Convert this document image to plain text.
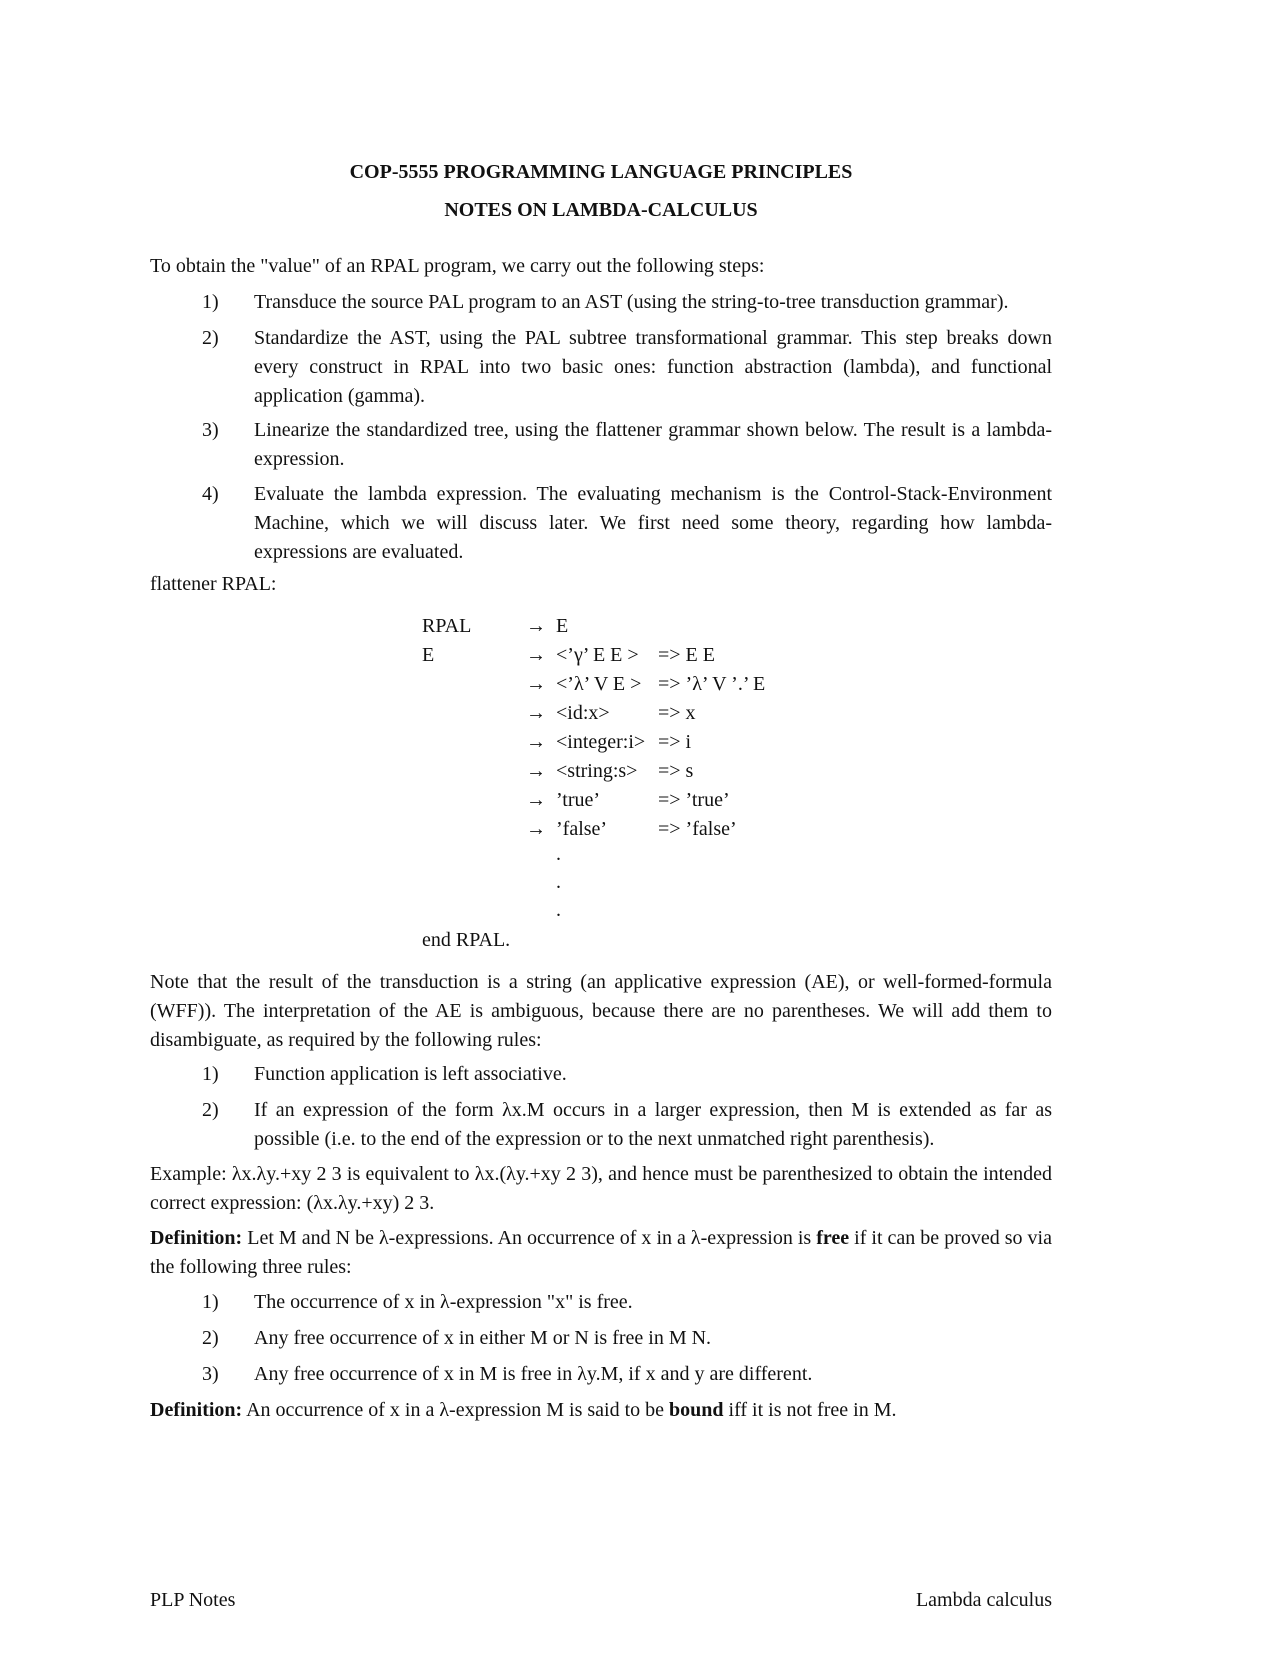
COP-5555 PROGRAMMING LANGUAGE PRINCIPLES
NOTES ON LAMBDA-CALCULUS
To obtain the "value" of an RPAL program, we carry out the following steps:
1)	Transduce the source PAL program to an AST (using the string-to-tree transduction grammar).
2)	Standardize the AST, using the PAL subtree transformational grammar. This step breaks down every construct in RPAL into two basic ones: function abstraction (lambda), and functional application (gamma).
3)	Linearize the standardized tree, using the flattener grammar shown below. The result is a lambda-expression.
4)	Evaluate the lambda expression. The evaluating mechanism is the Control-Stack-Environment Machine, which we will discuss later. We first need some theory, regarding how lambda-expressions are evaluated.
flattener RPAL:
RPAL	→ E
E	→ <’γ’ E E > => E E
→ <’λ’ V E > => ’λ’ V ’.’ E
→ <id:x> => x
→ <integer:i> => i
→ <string:s> => s
→ ’true’	=> ’true’
→ ’false’	=> ’false’
.
.
.
end RPAL.
Note that the result of the transduction is a string (an applicative expression (AE), or well-formed-formula (WFF)). The interpretation of the AE is ambiguous, because there are no parentheses. We will add them to disambiguate, as required by the following rules:
1)	Function application is left associative.
2)	If an expression of the form λx.M occurs in a larger expression, then M is extended as far as possible (i.e. to the end of the expression or to the next unmatched right parenthesis).
Example: λx.λy.+xy 2 3 is equivalent to λx.(λy.+xy 2 3), and hence must be parenthesized to obtain the intended correct expression: (λx.λy.+xy) 2 3.
Definition: Let M and N be λ-expressions. An occurrence of x in a λ-expression is free if it can be proved so via the following three rules:
1)	The occurrence of x in λ-expression "x" is free.
2)	Any free occurrence of x in either M or N is free in M N.
3)	Any free occurrence of x in M is free in λy.M, if x and y are different.
Definition: An occurrence of x in a λ-expression M is said to be bound iff it is not free in M.
PLP Notes	Lambda calculus
